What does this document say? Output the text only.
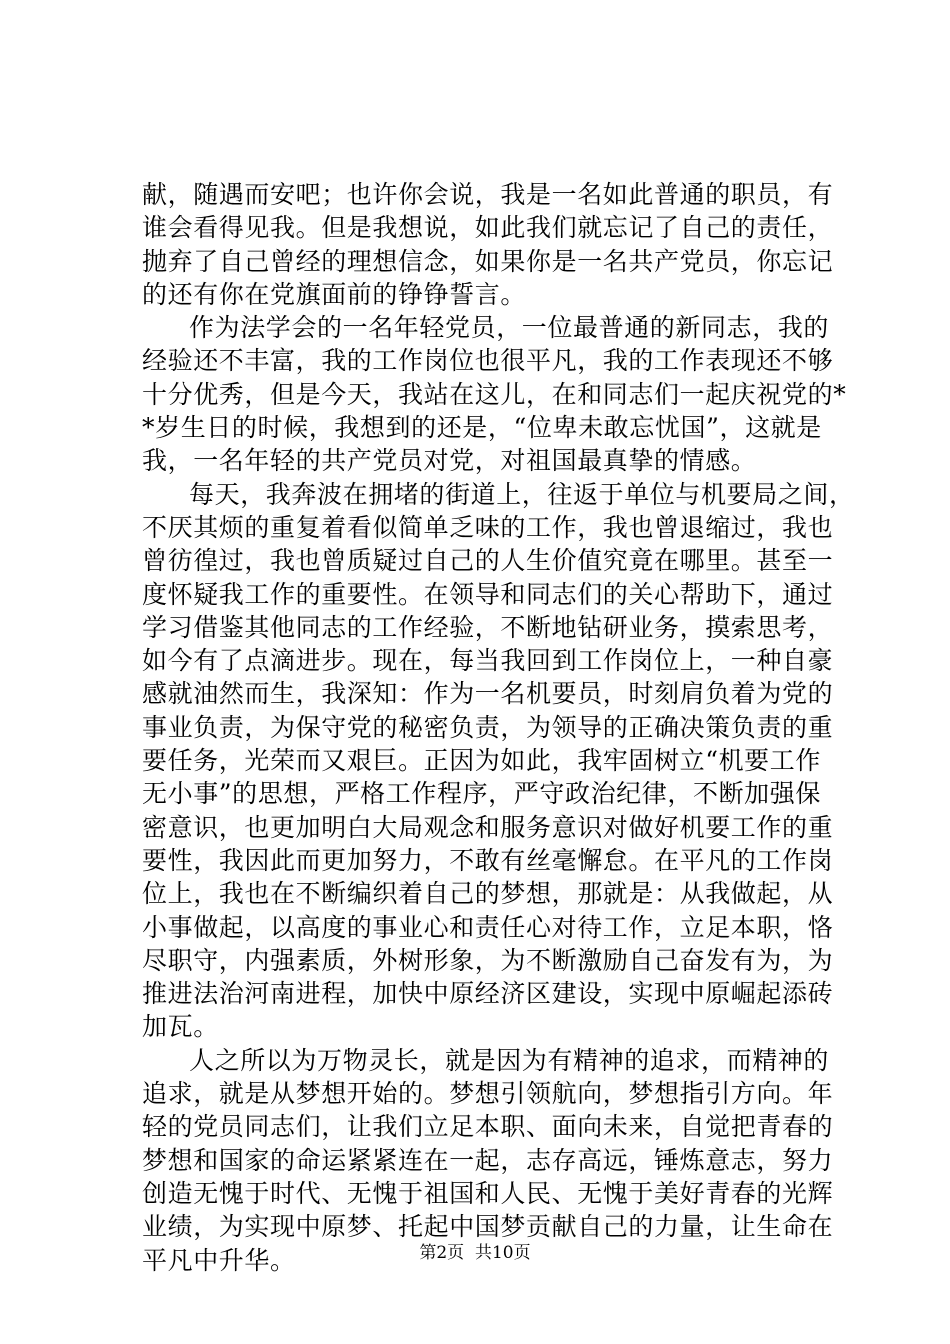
献，随遇而安吧；也许你会说，我是一名如此普通的职员，有
谁会看得见我。但是我想说，如此我们就忘记了自己的责任，
抛弃了自己曾经的理想信念，如果你是一名共产党员，你忘记
的还有你在党旗面前的铮铮誓言。
作为法学会的一名年轻党员，一位最普通的新同志，我的
经验还不丰富，我的工作岗位也很平凡，我的工作表现还不够
十分优秀，但是今天，我站在这儿，在和同志们一起庆祝党的*
*岁生日的时候，我想到的还是，“位卑未敢忘忧国”，这就是
我，一名年轻的共产党员对党，对祖国最真挚的情感。
每天，我奔波在拥堵的街道上，往返于单位与机要局之间，
不厌其烦的重复着看似简单乏味的工作，我也曾退缩过，我也
曾彷徨过，我也曾质疑过自己的人生价值究竟在哪里。甚至一
度怀疑我工作的重要性。在领导和同志们的关心帮助下，通过
学习借鉴其他同志的工作经验，不断地钻研业务，摸索思考，
如今有了点滴进步。现在，每当我回到工作岗位上，一种自豪
感就油然而生，我深知：作为一名机要员，时刻肩负着为党的
事业负责，为保守党的秘密负责，为领导的正确决策负责的重
要任务，光荣而又艰巨。正因为如此，我牢固树立“机要工作
无小事”的思想，严格工作程序，严守政治纪律，不断加强保
密意识，也更加明白大局观念和服务意识对做好机要工作的重
要性，我因此而更加努力，不敢有丝毫懈怠。在平凡的工作岗
位上，我也在不断编织着自己的梦想，那就是：从我做起，从
小事做起，以高度的事业心和责任心对待工作，立足本职，恪
尽职守，内强素质，外树形象，为不断激励自己奋发有为，为
推进法治河南进程，加快中原经济区建设，实现中原崛起添砖
加瓦。
人之所以为万物灵长，就是因为有精神的追求，而精神的
追求，就是从梦想开始的。梦想引领航向，梦想指引方向。年
轻的党员同志们，让我们立足本职、面向未来，自觉把青春的
梦想和国家的命运紧紧连在一起，志存高远，锤炼意志，努力
创造无愧于时代、无愧于祖国和人民、无愧于美好青春的光辉
业绩，为实现中原梦、托起中国梦贡献自己的力量，让生命在
平凡中升华。	第2页  共10页
